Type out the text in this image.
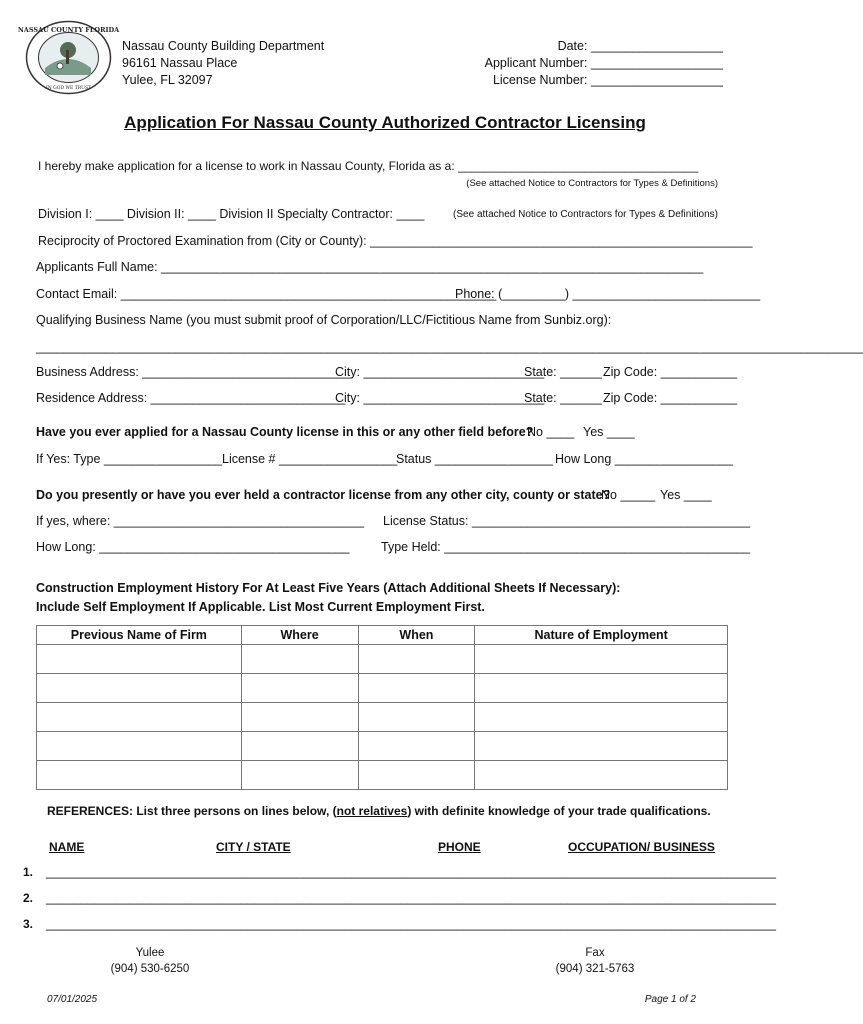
NASSAU COUNTY FLORIDA
IN GOD WE TRUST
Nassau County Building Department
96161 Nassau Place
Yulee, FL 32097
Date: ___________________
Applicant Number: ___________________
License Number: ___________________
Application For Nassau County Authorized Contractor Licensing
I hereby make application for a license to work in Nassau County, Florida as a: ____________________________________
(See attached Notice to Contractors for Types & Definitions)
Division I: ____ Division II: ____ Division II Specialty Contractor: ____	(See attached Notice to Contractors for Types & Definitions)
Reciprocity of Proctored Examination from (City or County): _______________________________________________________
Applicants Full Name: ______________________________________________________________________________
Contact Email: ______________________________________________________
Phone: (_________) ___________________________
Qualifying Business Name (you must submit proof of Corporation/LLC/Fictitious Name from Sunbiz.org):
_______________________________________________________________________________________________________________________
Business Address: ______________________________
City: __________________________
State: ______ Zip Code: ___________
Residence Address: ____________________________
City: __________________________
State: ______ Zip Code: ___________
Have you ever applied for a Nassau County license in this or any other field before?
No ____ Yes ____
If Yes: Type _________________ License # _________________
Status _________________ How Long _________________
Do you presently or have you ever held a contractor license from any other city, county or state?
No _____ Yes ____
If yes, where: ____________________________________ License Status: ________________________________________
How Long: ____________________________________	Type Held: ____________________________________________
Construction Employment History For At Least Five Years (Attach Additional Sheets If Necessary):
Include Self Employment If Applicable. List Most Current Employment First.
Previous Name of Firm	Where	When	Nature of Employment

REFERENCES: List three persons on lines below, (not relatives) with definite knowledge of your trade qualifications.
NAME	CITY / STATE	PHONE	OCCUPATION/ BUSINESS
1. _________________________________________________________________________________________________________
2. _________________________________________________________________________________________________________
3. _________________________________________________________________________________________________________
Yulee
(904) 530-6250
Fax
(904) 321-5763
07/01/2025	Page 1 of 2
